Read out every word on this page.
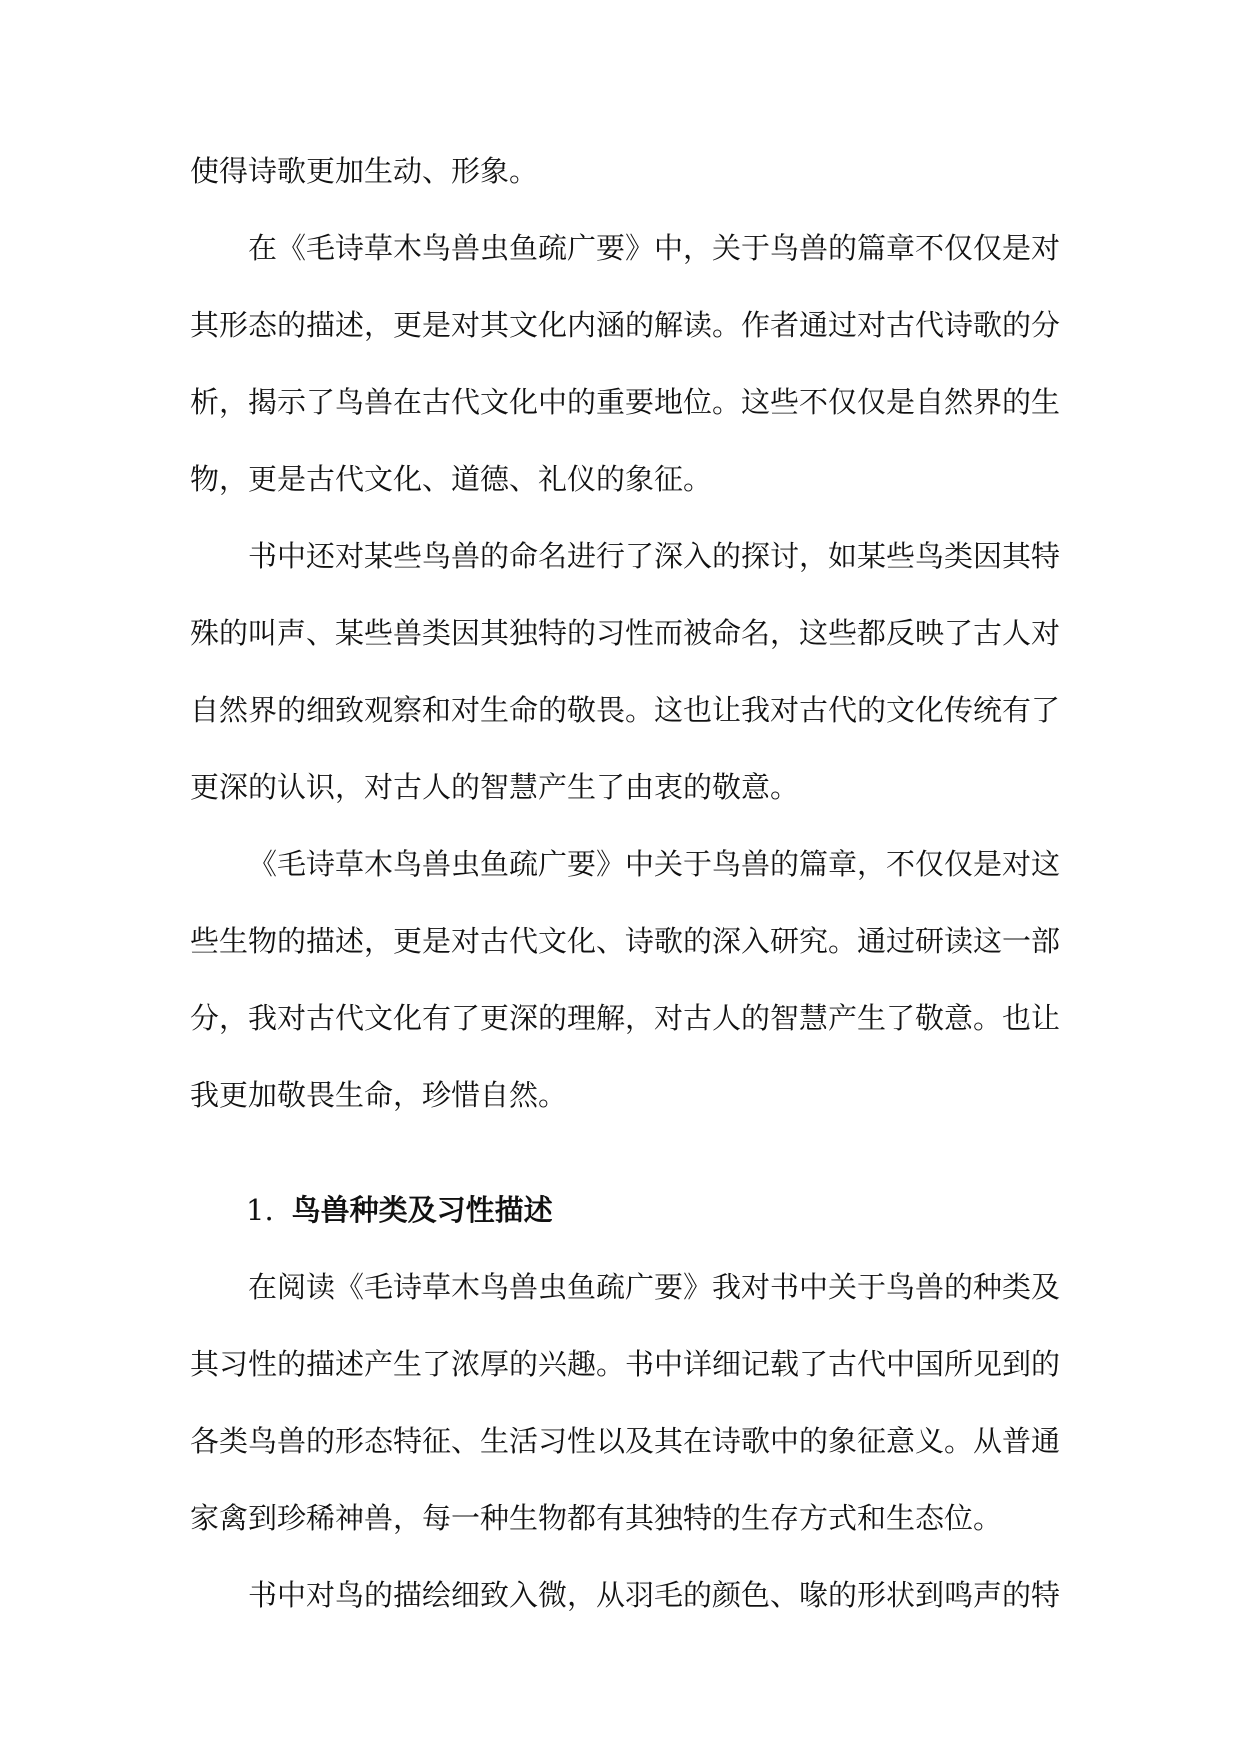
使得诗歌更加生动、形象。

在《毛诗草木鸟兽虫鱼疏广要》中，关于鸟兽的篇章不仅仅是对其形态的描述，更是对其文化内涵的解读。作者通过对古代诗歌的分析，揭示了鸟兽在古代文化中的重要地位。这些不仅仅是自然界的生物，更是古代文化、道德、礼仪的象征。

书中还对某些鸟兽的命名进行了深入的探讨，如某些鸟类因其特殊的叫声、某些兽类因其独特的习性而被命名，这些都反映了古人对自然界的细致观察和对生命的敬畏。这也让我对古代的文化传统有了更深的认识，对古人的智慧产生了由衷的敬意。

《毛诗草木鸟兽虫鱼疏广要》中关于鸟兽的篇章，不仅仅是对这些生物的描述，更是对古代文化、诗歌的深入研究。通过研读这一部分，我对古代文化有了更深的理解，对古人的智慧产生了敬意。也让我更加敬畏生命，珍惜自然。

1. 鸟兽种类及习性描述

在阅读《毛诗草木鸟兽虫鱼疏广要》我对书中关于鸟兽的种类及其习性的描述产生了浓厚的兴趣。书中详细记载了古代中国所见到的各类鸟兽的形态特征、生活习性以及其在诗歌中的象征意义。从普通家禽到珍稀神兽，每一种生物都有其独特的生存方式和生态位。

书中对鸟的描绘细致入微，从羽毛的颜色、喙的形状到鸣声的特
